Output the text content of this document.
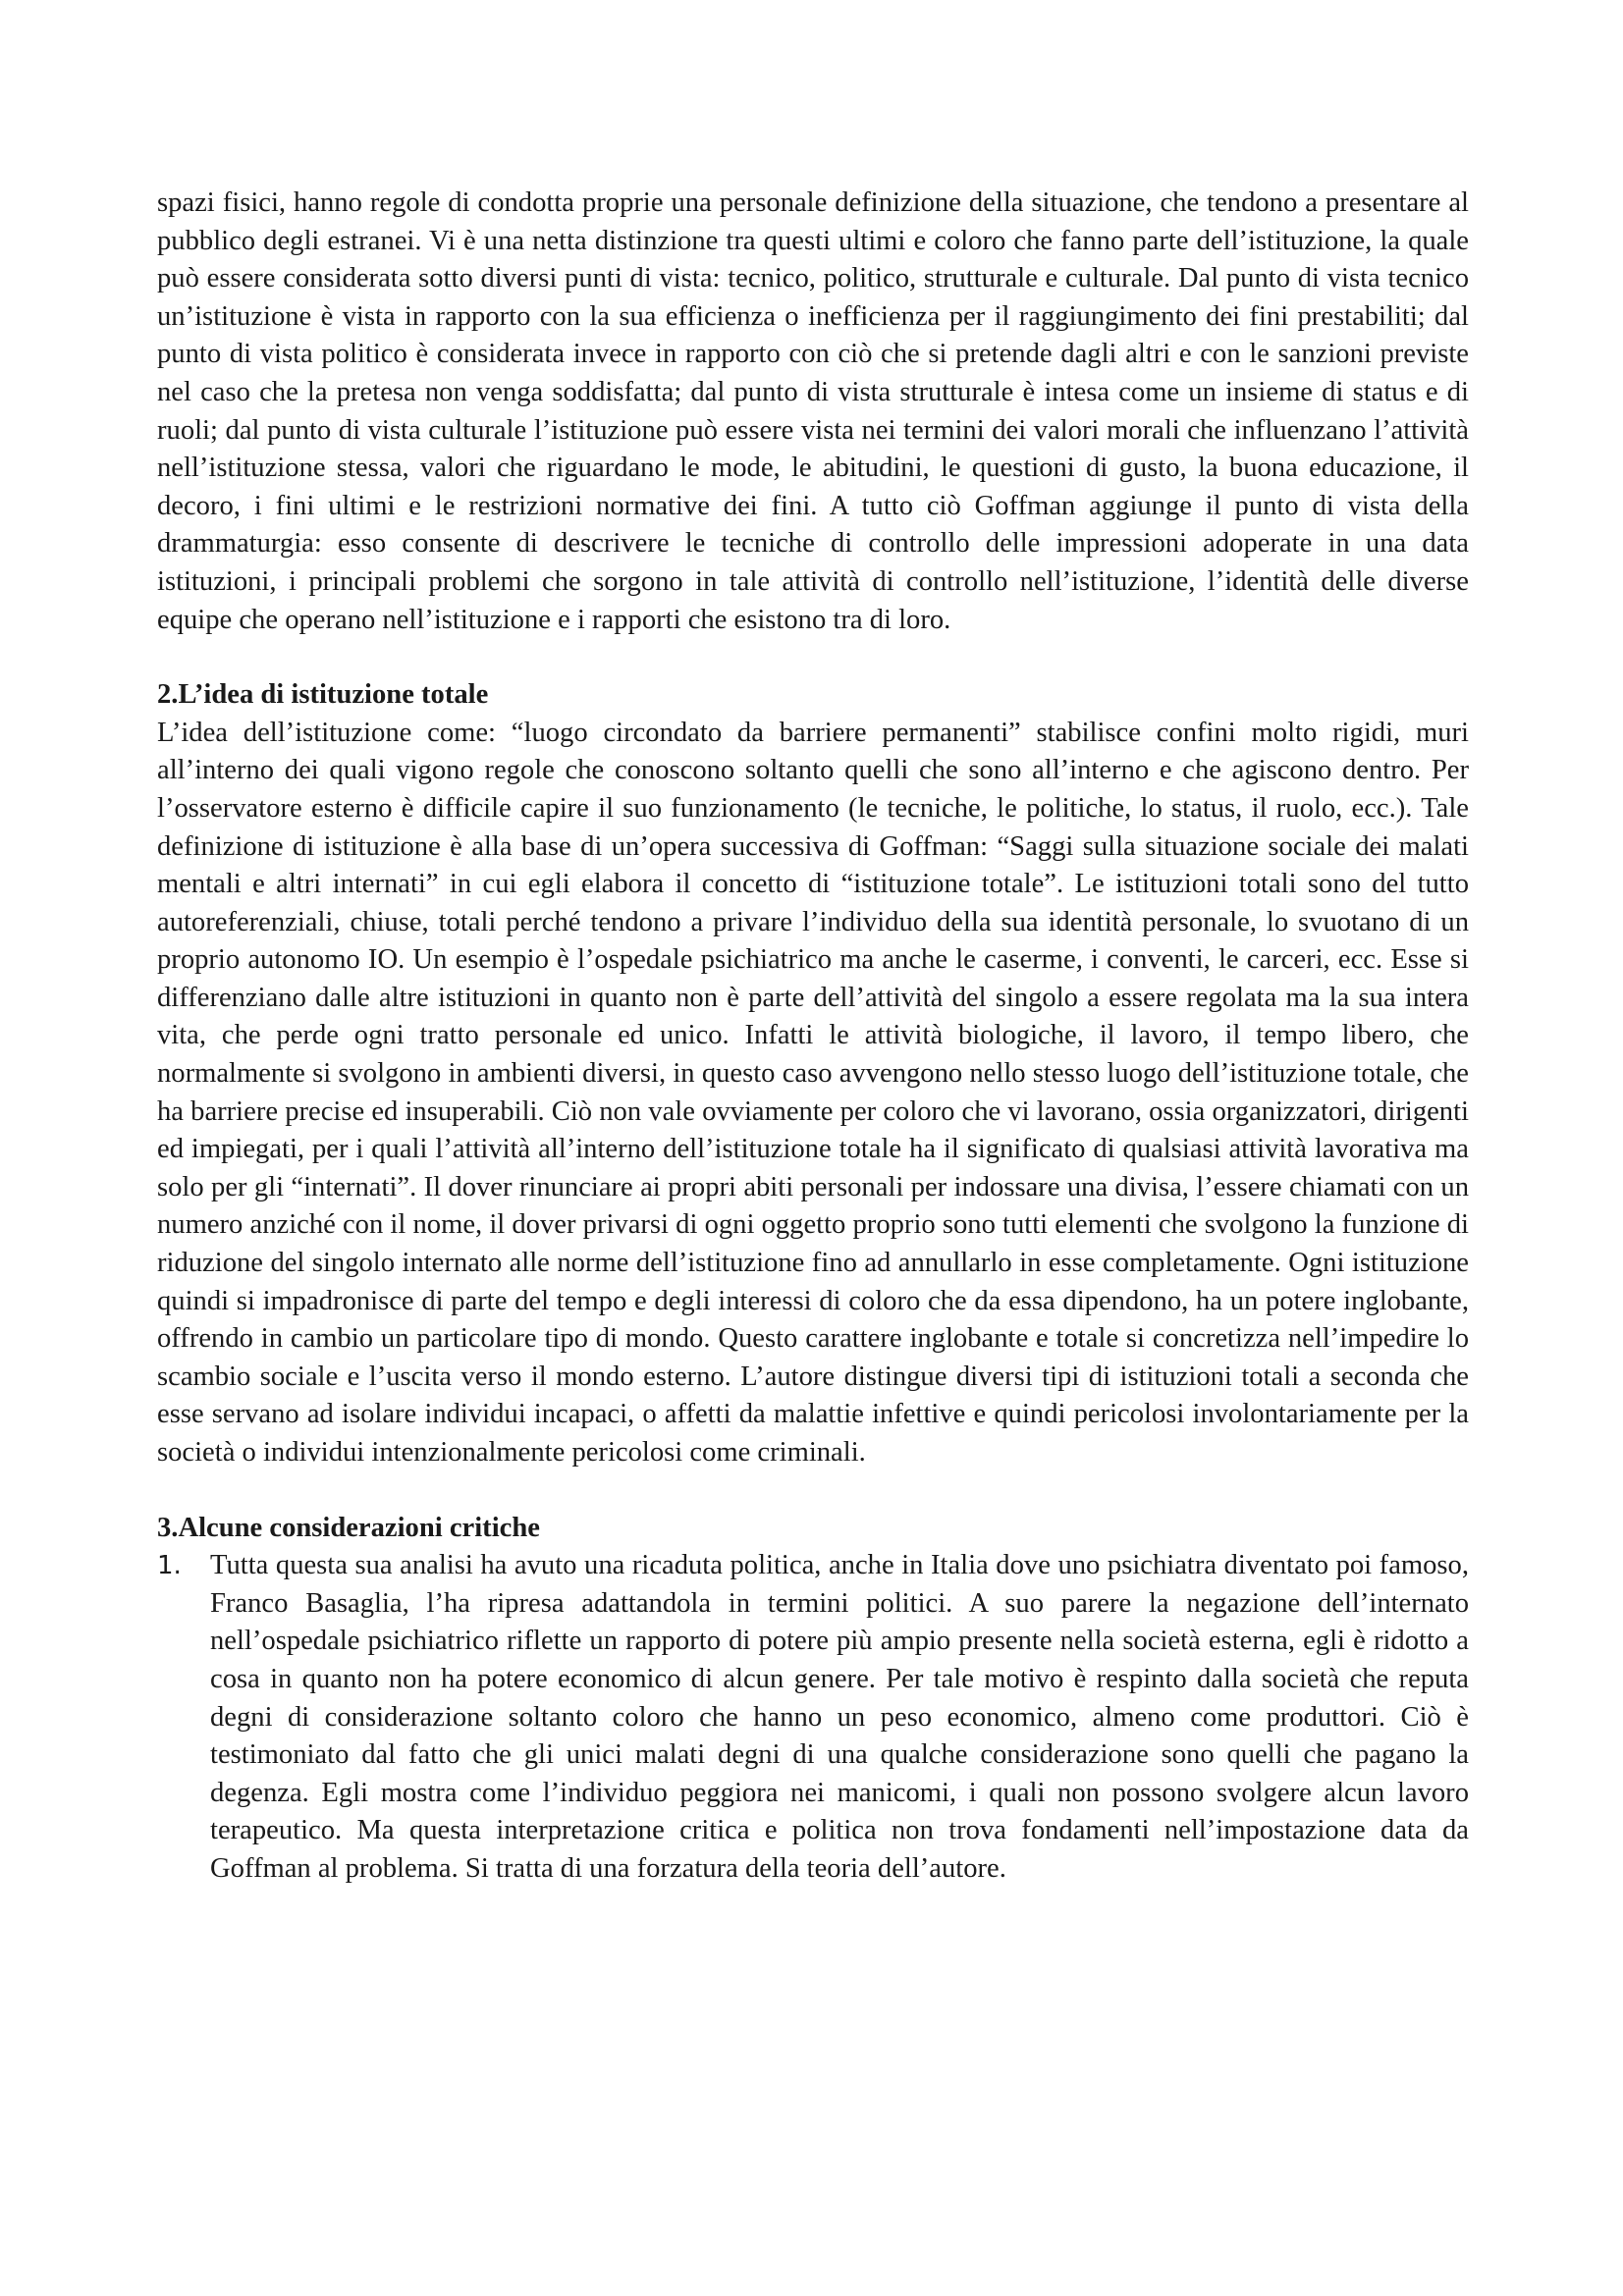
spazi fisici, hanno regole di condotta proprie una personale definizione della situazione, che tendono a presentare al pubblico degli estranei. Vi è una netta distinzione tra questi ultimi e coloro che fanno parte dell’istituzione, la quale può essere considerata sotto diversi punti di vista: tecnico, politico, strutturale e culturale. Dal punto di vista tecnico un’istituzione è vista in rapporto con la sua efficienza o inefficienza per il raggiungimento dei fini prestabiliti; dal punto di vista politico è considerata invece in rapporto con ciò che si pretende dagli altri e con le sanzioni previste nel caso che la pretesa non venga soddisfatta; dal punto di vista strutturale è intesa come un insieme di status e di ruoli; dal punto di vista culturale l’istituzione può essere vista nei termini dei valori morali che influenzano l’attività nell’istituzione stessa, valori che riguardano le mode, le abitudini, le questioni di gusto, la buona educazione, il decoro, i fini ultimi e le restrizioni normative dei fini. A tutto ciò Goffman aggiunge il punto di vista della drammaturgia: esso consente di descrivere le tecniche di controllo delle impressioni adoperate in una data istituzioni, i principali problemi che sorgono in tale attività di controllo nell’istituzione, l’identità delle diverse equipe che operano nell’istituzione e i rapporti che esistono tra di loro.

2.L’idea di istituzione totale

L’idea dell’istituzione come: “luogo circondato da barriere permanenti” stabilisce confini molto rigidi, muri all’interno dei quali vigono regole che conoscono soltanto quelli che sono all’interno e che agiscono dentro. Per l’osservatore esterno è difficile capire il suo funzionamento (le tecniche, le politiche, lo status, il ruolo, ecc.). Tale definizione di istituzione è alla base di un’opera successiva di Goffman: “Saggi sulla situazione sociale dei malati mentali e altri internati” in cui egli elabora il concetto di “istituzione totale”. Le istituzioni totali sono del tutto autoreferenziali, chiuse, totali perché tendono a privare l’individuo della sua identità personale, lo svuotano di un proprio autonomo IO. Un esempio è l’ospedale psichiatrico ma anche le caserme, i conventi, le carceri, ecc. Esse si differenziano dalle altre istituzioni in quanto non è parte dell’attività del singolo a essere regolata ma la sua intera vita, che perde ogni tratto personale ed unico. Infatti le attività biologiche, il lavoro, il tempo libero, che normalmente si svolgono in ambienti diversi, in questo caso avvengono nello stesso luogo dell’istituzione totale, che ha barriere precise ed insuperabili. Ciò non vale ovviamente per coloro che vi lavorano, ossia organizzatori, dirigenti ed impiegati, per i quali l’attività all’interno dell’istituzione totale ha il significato di qualsiasi attività lavorativa ma solo per gli “internati”. Il dover rinunciare ai propri abiti personali per indossare una divisa, l’essere chiamati con un numero anziché con il nome, il dover privarsi di ogni oggetto proprio sono tutti elementi che svolgono la funzione di riduzione del singolo internato alle norme dell’istituzione fino ad annullarlo in esse completamente. Ogni istituzione quindi si impadronisce di parte del tempo e degli interessi di coloro che da essa dipendono, ha un potere inglobante, offrendo in cambio un particolare tipo di mondo. Questo carattere inglobante e totale si concretizza nell’impedire lo scambio sociale e l’uscita verso il mondo esterno. L’autore distingue diversi tipi di istituzioni totali a seconda che esse servano ad isolare individui incapaci, o affetti da malattie infettive e quindi pericolosi involontariamente per la società o individui intenzionalmente pericolosi come criminali.

3.Alcune considerazioni critiche

1.	Tutta questa sua analisi ha avuto una ricaduta politica, anche in Italia dove uno psichiatra diventato poi famoso, Franco Basaglia, l’ha ripresa adattandola in termini politici. A suo parere la negazione dell’internato nell’ospedale psichiatrico riflette un rapporto di potere più ampio presente nella società esterna, egli è ridotto a cosa in quanto non ha potere economico di alcun genere. Per tale motivo è respinto dalla società che reputa degni di considerazione soltanto coloro che hanno un peso economico, almeno come produttori. Ciò è testimoniato dal fatto che gli unici malati degni di una qualche considerazione sono quelli che pagano la degenza. Egli mostra come l’individuo peggiora nei manicomi, i quali non possono svolgere alcun lavoro terapeutico. Ma questa interpretazione critica e politica non trova fondamenti nell’impostazione data da Goffman al problema. Si tratta di una forzatura della teoria dell’autore.
